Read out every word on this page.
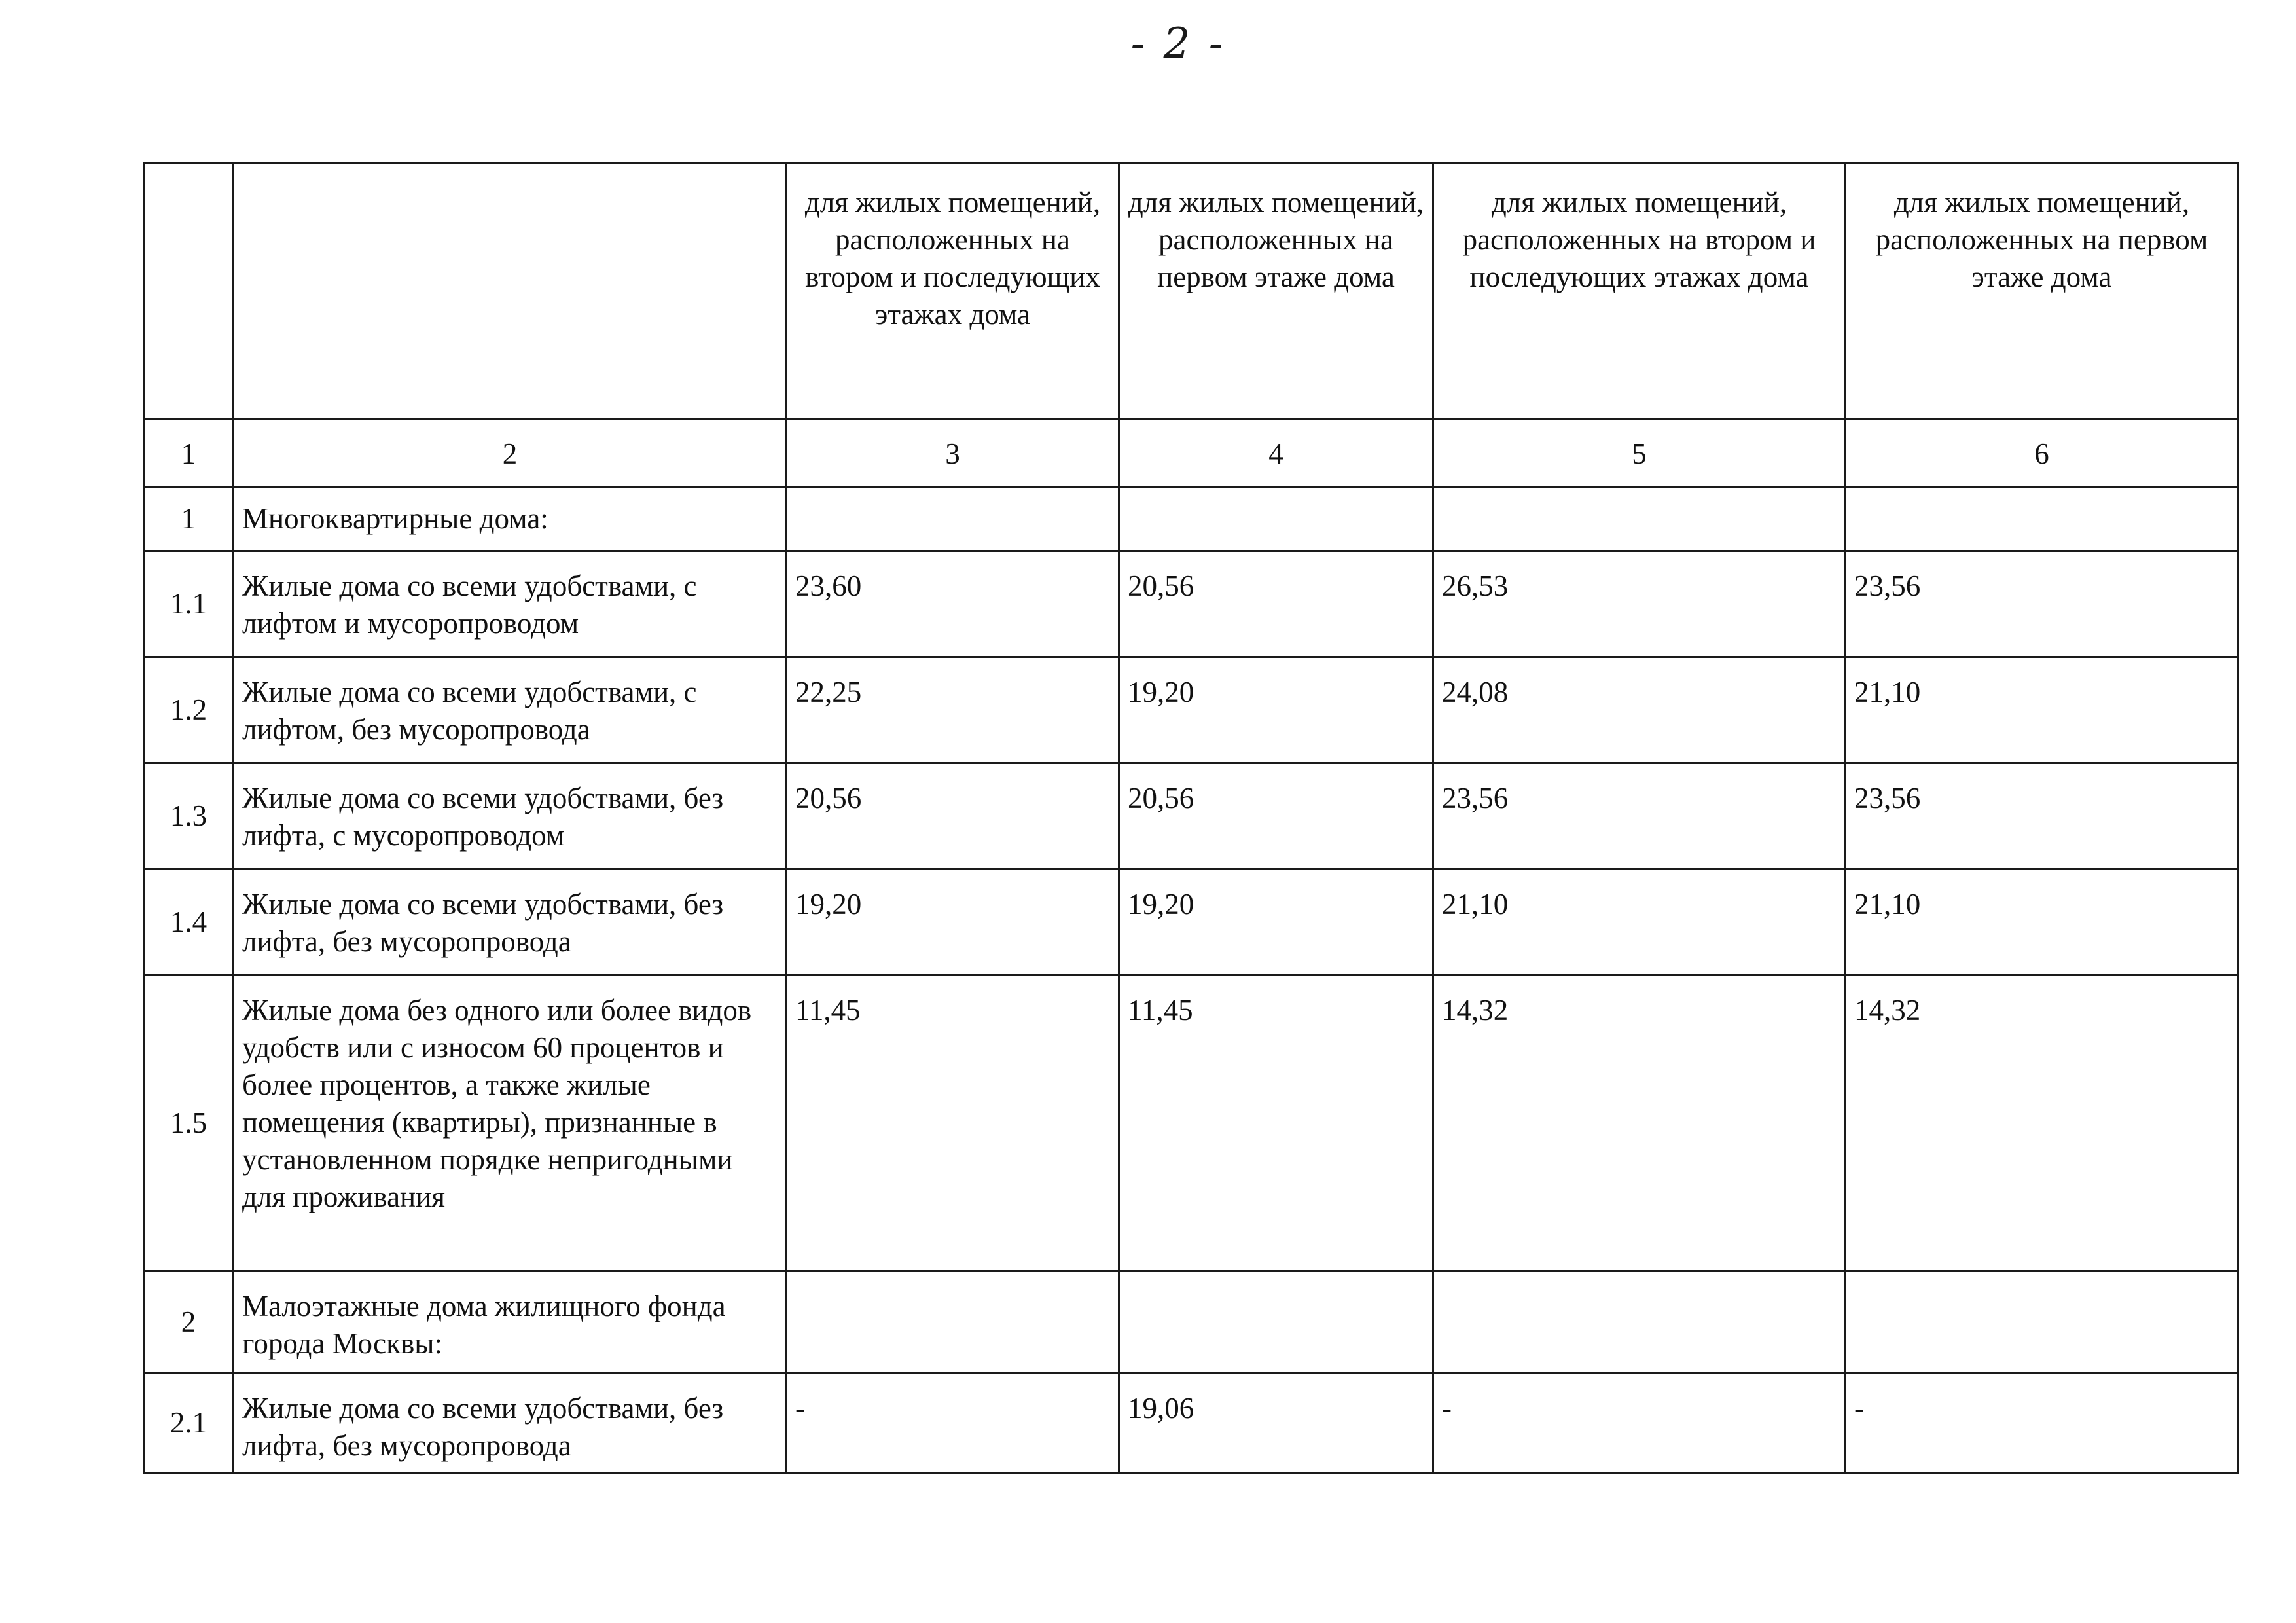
- 2 -
		для жилых помещений, расположенных на втором и последующих этажах дома	для жилых помещений, расположенных на первом этаже дома	для жилых помещений, расположенных на втором и последующих этажах дома	для жилых помещений, расположенных на первом этаже дома
1	2	3	4	5	6
1	Многоквартирные дома:				
1.1	Жилые дома со всеми удобствами, с лифтом и мусоропроводом	23,60	20,56	26,53	23,56
1.2	Жилые дома со всеми удобствами, с лифтом, без мусоропровода	22,25	19,20	24,08	21,10
1.3	Жилые дома со всеми удобствами, без лифта, с мусоропроводом	20,56	20,56	23,56	23,56
1.4	Жилые дома со всеми удобствами, без лифта, без мусоропровода	19,20	19,20	21,10	21,10
1.5	Жилые дома без одного или более видов удобств или с износом 60 процентов и более процентов, а также жилые помещения (квартиры), признанные в установленном порядке непригодными для проживания	11,45	11,45	14,32	14,32
2	Малоэтажные дома жилищного фонда города Москвы:				
2.1	Жилые дома со всеми удобствами, без лифта, без мусоропровода	-	19,06	-	-
